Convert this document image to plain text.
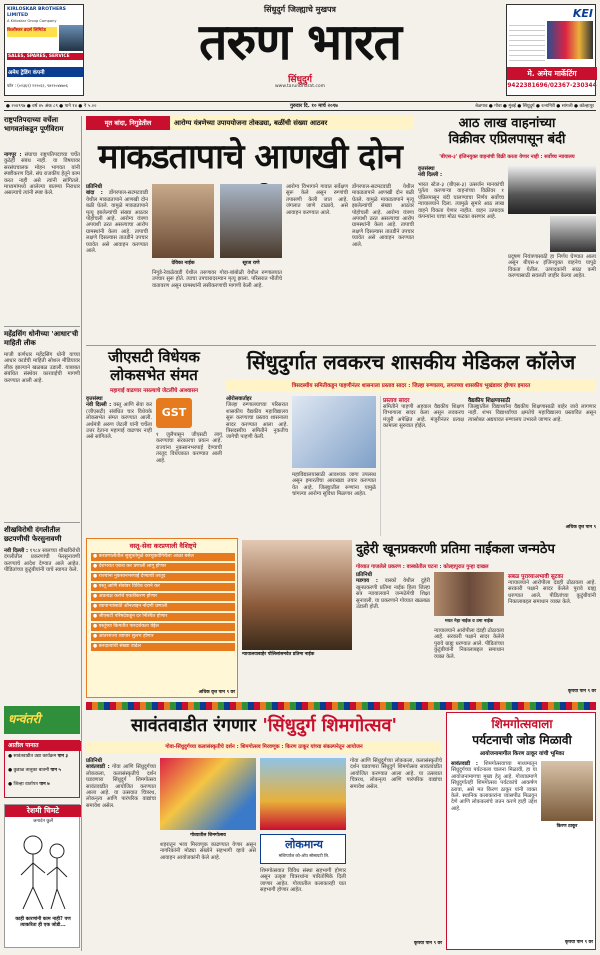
KIRLOSKAR BROTHERS LIMITED
A Kirloskar Group Company
किर्लोस्कर ब्रदर्स लिमिटेड
SALES, SPARES, SERVICE
अमेय ट्रेडिंग कंपनी
फोन : (०२३६२) २२२०६२, ९४२२०४४७०६
सिंधुदुर्ग जिल्ह्याचे मुखपत्र
तरुण भारत
सिंधुदुर्ग
www.tarunbharat.com
KEI
मे. अमेय मार्केटिंग
9422381696/02367-230344
● २०४९९७ ● वर्ष ४५ अंक ८९ ● पाने १४ ● ₹ ५.००	गुरुवार दि. १० मार्च २०१७	बेळगाव ● गोवा ● मुंबई ● सिंधुदुर्ग ● रत्नागिरी ● सांगली ● कोल्हापूर
राष्ट्रपतिपदाच्या वर्चेला भागवतांकडून पूर्णविराम
नागपूर : संघाचा राष्ट्रपतिपदाच्या चर्चेत कुठेही संबंध नाही. या विषयावर सरसंघचालक मोहन भागवत यांनी स्पष्टीकरण दिले. संघ राजकीय हेतूने काम करत नाही असे त्यांनी सांगितले. माध्यमांमध्ये आलेल्या बातम्या निराधार असल्याचे त्यांनी स्पष्ट केले.
महेंद्रसिंग धोनीच्या 'आधार'ची माहिती लीक
माजी कर्णधार महेंद्रसिंग धोनी याच्या आधार कार्डची माहिती सोशल मीडियावर लीक झाल्याने खळबळ उडाली. याबाबत संबंधित संस्थेवर कारवाईची मागणी करण्यात आली आहे.
शीखविरोधी दंगलीतील छटपणीची फेरसुनावणी
नवी दिल्ली : १९८४ सालच्या शीखविरोधी दंगलीतील प्रकरणांची फेरसुनावणी करण्याचे आदेश देण्यात आले आहेत. पीडितांच्या कुटुंबीयांनी याचे स्वागत केले.
धन्वंतरी
आतील पानात
● सावंतवाडीत उद्या कार्यक्रम पान ३
● कुडाळ तालुका बातमी पान ५
● जिल्हा वार्तापत्र पान ७
रेशमी चिमटे
जनार्दन कुर्ले
काही कारणांनी काम नाही? पण त्याकरिता ही एक जोडी...
मृत बांदा, निगुडेतील	आरोग्य यंत्रणेच्या उपाययोजना तोकड्या, बळींची संख्या आठवर
माकडतापाचे आणखी दोन
प्रतिनिधी
बांदा : डोंगरपाल-सटमटवाडी येथील माकडतापाने आणखी दोन बळी घेतले. यामुळे माकडतापाने मृत्यू झालेल्यांची संख्या आठवर पोहोचली आहे. आरोग्य यंत्रणा अपयशी ठरत असल्याचा आरोप ग्रामस्थांनी केला आहे. तापाची लक्षणे दिसल्यास तातडीने उपचार घ्यावेत असे आवाहन करण्यात आले.
देविका नाईक	सूरज राणे
निगुडे-रेवाळेवाडी येथील तरुणावर गोवा-बांबोळी येथील रुग्णालयात उपचार सुरू होते. त्याचा उपचारादरम्यान मृत्यू झाला. परिसरात भीतीचे वातावरण असून ग्रामस्थांनी लसीकरणाची मागणी केली आहे.
आरोग्य विभागाने गावात सर्वेक्षण सुरू केले असून रुग्णांची तपासणी केली जात आहे. जंगलात जाणे टाळावे, असे आवाहन करण्यात आले.
डोंगरपाल-सटमटवाडी येथील माकडतापाने आणखी दोन बळी घेतले. यामुळे माकडतापाने मृत्यू झालेल्यांची संख्या आठवर पोहोचली आहे. आरोग्य यंत्रणा अपयशी ठरत असल्याचा आरोप ग्रामस्थांनी केला आहे. तापाची लक्षणे दिसल्यास तातडीने उपचार घ्यावेत असे आवाहन करण्यात आले.
आठ लाख वाहनांच्या
विक्रीवर एप्रिलपासून बंदी
'बीएस-३' इंजिनयुक्त वाहनांची विक्री करता येणार नाही : सर्वोच्च न्यायालय
वृत्तसंस्था
नवी दिल्ली :
भारत स्टेज-३ (बीएस-३) उत्सर्जन मानकांची पूर्तता करणाऱ्या वाहनांच्या विक्रीवर १ एप्रिलपासून बंदी घालण्याचा निर्णय सर्वोच्च न्यायालयाने दिला. त्यामुळे सुमारे आठ लाख वाहने विकता येणार नाहीत. वाहन उत्पादक कंपन्यांना याचा मोठा फटका बसणार आहे.
प्रदूषण नियंत्रणासाठी हा निर्णय घेण्यात आला असून बीएस-४ इंजिनयुक्त वाहनेच यापुढे विकता येतील. उत्पादकांनी साठा कमी करण्यासाठी सवलती जाहीर केल्या आहेत.
जीएसटी विधेयक
लोकसभेत संमत
महागाई वाढणार नसल्याचे जेटलींचे आश्वासन
वृत्तसंस्था
नवी दिल्ली : वस्तू आणि सेवा कर (जीएसटी) संबंधित चार विधेयके लोकसभेत संमत करण्यात आली. अर्थमंत्री अरुण जेटली यांनी चर्चेला उत्तर देताना महागाई वाढणार नाही असे सांगितले.
GST
१ जुलैपासून जीएसटी लागू करण्याचा सरकारचा प्रयत्न आहे. राज्यांना नुकसानभरपाई देण्याची तरतूद विधेयकात करण्यात आली आहे.
वस्तू-सेवा करप्रणाली वैशिष्ट्ये
● करप्रणालीतील सुसूत्रतेमुळे करचुकवेगिरीला आळा बसेल
● देशभरात एकच कर प्रणाली लागू होणार
● राज्यांना नुकसानभरपाई देण्याची तरतूद
● वस्तू आणि सेवांवर विविध दराने कर
● अप्रत्यक्ष करांचे एकत्रीकरण होणार
● व्यापाऱ्यांसाठी ऑनलाइन नोंदणी प्रणाली
● जीएसटी परिषदेकडून दर निश्चित होणार
● वस्तूंच्या किमतीत पारदर्शकता येईल
● आंतरराज्य व्यापार सुलभ होणार
● करदात्यांची संख्या वाढेल
अधिक वृत्त पान ९ वर
सिंधुदुर्गात लवकरच शासकीय मेडिकल कॉलेज
त्रिसदस्यीय समितीकडून पाहणीनंतर शासनाला प्रस्ताव सादर : जिल्हा रुग्णालय, लगतच्या शासकीय भूखंडावर होणार इमारत
ओरोसवार्ताहर
जिल्हा रुग्णालयाच्या परिसरात शासकीय वैद्यकीय महाविद्यालय सुरू करण्याचा प्रस्ताव शासनाला सादर करण्यात आला आहे. त्रिसदस्यीय समितीने नुकतीच जागेची पाहणी केली.
महाविद्यालयासाठी आवश्यक जागा उपलब्ध असून इमारतीचा आराखडा तयार करण्यात येत आहे. जिल्ह्यातील रुग्णांना यामुळे चांगल्या आरोग्य सुविधा मिळणार आहेत.
प्रस्ताव सादर
समितीने पाहणी अहवाल वैद्यकीय शिक्षण विभागाला सादर केला असून लवकरच मंजुरी अपेक्षित आहे. मंजुरीनंतर प्रत्यक्ष कामाला सुरुवात होईल.
वैद्यकीय शिक्षणासाठी
जिल्ह्यातील विद्यार्थ्यांना वैद्यकीय शिक्षणासाठी बाहेर जावे लागणार नाही. शंभर विद्यार्थ्यांच्या क्षमतेचे महाविद्यालय प्रस्तावित असून त्यासोबत अद्ययावत रुग्णालय उभारले जाणार आहे.
अधिक वृत्त पान ९
न्यायालयाबाहेर पोलिसांसमवेत प्रतिमा नाईक
दुहेरी खूनप्रकरणी प्रतिमा नाईकला जन्मठेप
गोव्यात गाजलेले प्रकरण : वास्कोतील घटना : कोल्हापुरात गुन्हा दाखल
प्रतिनिधी
मडगाव : वास्को येथील दुहेरी खूनप्रकरणी प्रतिमा नाईक हिला जिल्हा सत्र न्यायालयाने जन्मठेपेची शिक्षा सुनावली. या प्रकरणाने गोव्यात खळबळ उडाली होती.
मयत नेहा नाईक व उमा नाईक
न्यायालयाने आरोपीला दंडही ठोठावला आहे. सरकारी पक्षाने सादर केलेले पुरावे ग्राह्य धरण्यात आले. पीडितांच्या कुटुंबीयांनी निकालाबद्दल समाधान व्यक्त केले.
सबळ पुराव्याअभावी सुटका
न्यायालयाने आरोपीला दंडही ठोठावला आहे. सरकारी पक्षाने सादर केलेले पुरावे ग्राह्य धरण्यात आले. पीडितांच्या कुटुंबीयांनी निकालाबद्दल समाधान व्यक्त केले.
कृपया पान ९ वर
सावंतवाडीत रंगणार 'सिंधुदुर्ग शिमगोत्सव'
गोवा-सिंधुदुर्गच्या कलासंस्कृतीचे दर्शन : शिमगोत्सव मिरवणूक : किरण ठाकूर यांच्या संकल्पनेतून आयोजन
प्रतिनिधी
सावंतवाडी : गोवा आणि सिंधुदुर्गच्या लोककला, कलासंस्कृतीचे दर्शन घडवणारा सिंधुदुर्ग शिमगोत्सव सावंतवाडीत आयोजित करण्यात आला आहे. या उत्सवात चित्ररथ, लोकनृत्य आणि पारंपरिक वाद्यांचा समावेश असेल.
गोव्यातील शिमगोत्सव
शहरातून भव्य मिरवणूक काढण्यात येणार असून नागरिकांनी मोठ्या संख्येने सहभागी व्हावे असे आवाहन आयोजकांनी केले आहे.
लोकमान्य
मल्टिपर्पज को-ऑप सोसायटी लि.
शिमगोत्सवात विविध संस्था सहभागी होणार असून उत्कृष्ट चित्ररथांना पारितोषिके दिली जाणार आहेत. गोव्यातील कलाकारही यात सहभागी होणार आहेत.
गोवा आणि सिंधुदुर्गच्या लोककला, कलासंस्कृतीचे दर्शन घडवणारा सिंधुदुर्ग शिमगोत्सव सावंतवाडीत आयोजित करण्यात आला आहे. या उत्सवात चित्ररथ, लोकनृत्य आणि पारंपरिक वाद्यांचा समावेश असेल.
कृपया पान ९ वर
शिमगोत्सवाला
पर्यटनाची जोड मिळावी
आयोजनामागील किरण ठाकूर यांची भूमिका
सावंतवाडी : शिमगोत्सवाच्या माध्यमातून सिंधुदुर्गच्या पर्यटनाला चालना मिळावी, हा या आयोजनामागचा मुख्य हेतू आहे. गोव्याप्रमाणे सिंधुदुर्गातही शिमगोत्सव पर्यटकांचे आकर्षण ठरावा, असे मत किरण ठाकूर यांनी व्यक्त केले. स्थानिक कलाकारांना व्यासपीठ मिळवून देणे आणि लोककलांचे जतन करणे हाही उद्देश आहे.
किरण ठाकूर
कृपया पान ९ वर
